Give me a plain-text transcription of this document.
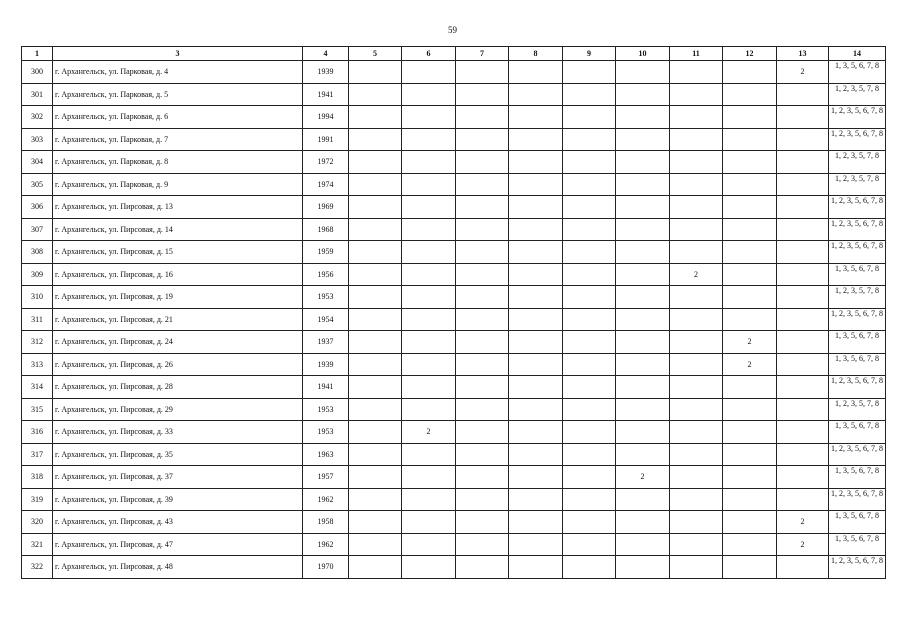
59
1	3	4	5	6	7	8	9	10	11	12	13	14
300	г. Архангельск, ул. Парковая, д. 4	1939									2	1, 3, 5, 6, 7, 8
301	г. Архангельск, ул. Парковая, д. 5	1941										1, 2, 3, 5, 7, 8
302	г. Архангельск, ул. Парковая, д. 6	1994										1, 2, 3, 5, 6, 7, 8
303	г. Архангельск, ул. Парковая, д. 7	1991										1, 2, 3, 5, 6, 7, 8
304	г. Архангельск, ул. Парковая, д. 8	1972										1, 2, 3, 5, 7, 8
305	г. Архангельск, ул. Парковая, д. 9	1974										1, 2, 3, 5, 7, 8
306	г. Архангельск, ул. Пирсовая, д. 13	1969										1, 2, 3, 5, 6, 7, 8
307	г. Архангельск, ул. Пирсовая, д. 14	1968										1, 2, 3, 5, 6, 7, 8
308	г. Архангельск, ул. Пирсовая, д. 15	1959										1, 2, 3, 5, 6, 7, 8
309	г. Архангельск, ул. Пирсовая, д. 16	1956							2			1, 3, 5, 6, 7, 8
310	г. Архангельск, ул. Пирсовая, д. 19	1953										1, 2, 3, 5, 7, 8
311	г. Архангельск, ул. Пирсовая, д. 21	1954										1, 2, 3, 5, 6, 7, 8
312	г. Архангельск, ул. Пирсовая, д. 24	1937								2		1, 3, 5, 6, 7, 8
313	г. Архангельск, ул. Пирсовая, д. 26	1939								2		1, 3, 5, 6, 7, 8
314	г. Архангельск, ул. Пирсовая, д. 28	1941										1, 2, 3, 5, 6, 7, 8
315	г. Архангельск, ул. Пирсовая, д. 29	1953										1, 2, 3, 5, 7, 8
316	г. Архангельск, ул. Пирсовая, д. 33	1953		2								1, 3, 5, 6, 7, 8
317	г. Архангельск, ул. Пирсовая, д. 35	1963										1, 2, 3, 5, 6, 7, 8
318	г. Архангельск, ул. Пирсовая, д. 37	1957						2				1, 3, 5, 6, 7, 8
319	г. Архангельск, ул. Пирсовая, д. 39	1962										1, 2, 3, 5, 6, 7, 8
320	г. Архангельск, ул. Пирсовая, д. 43	1958									2	1, 3, 5, 6, 7, 8
321	г. Архангельск, ул. Пирсовая, д. 47	1962									2	1, 3, 5, 6, 7, 8
322	г. Архангельск, ул. Пирсовая, д. 48	1970										1, 2, 3, 5, 6, 7, 8
